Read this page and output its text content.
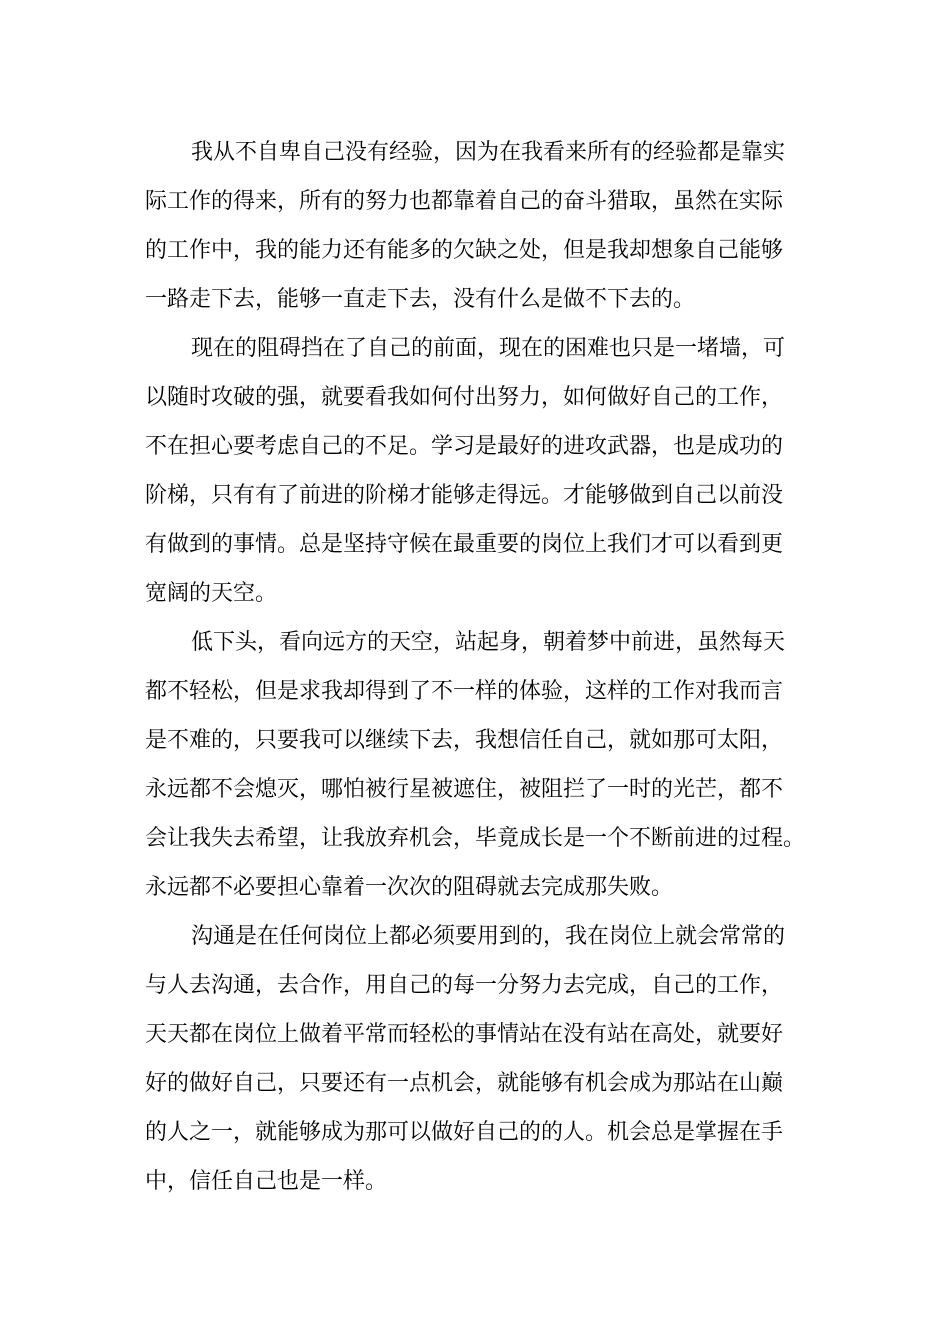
我从不自卑自己没有经验，因为在我看来所有的经验都是靠实
际工作的得来，所有的努力也都靠着自己的奋斗猎取，虽然在实际
的工作中，我的能力还有能多的欠缺之处，但是我却想象自己能够
一路走下去，能够一直走下去，没有什么是做不下去的。

现在的阻碍挡在了自己的前面，现在的困难也只是一堵墙，可
以随时攻破的强，就要看我如何付出努力，如何做好自己的工作，
不在担心要考虑自己的不足。学习是最好的进攻武器，也是成功的
阶梯，只有有了前进的阶梯才能够走得远。才能够做到自己以前没
有做到的事情。总是坚持守候在最重要的岗位上我们才可以看到更
宽阔的天空。

低下头，看向远方的天空，站起身，朝着梦中前进，虽然每天
都不轻松，但是求我却得到了不一样的体验，这样的工作对我而言
是不难的，只要我可以继续下去，我想信任自己，就如那可太阳，
永远都不会熄灭，哪怕被行星被遮住，被阻拦了一时的光芒，都不
会让我失去希望，让我放弃机会，毕竟成长是一个不断前进的过程。
永远都不必要担心靠着一次次的阻碍就去完成那失败。

沟通是在任何岗位上都必须要用到的，我在岗位上就会常常的
与人去沟通，去合作，用自己的每一分努力去完成，自己的工作，
天天都在岗位上做着平常而轻松的事情站在没有站在高处，就要好
好的做好自己，只要还有一点机会，就能够有机会成为那站在山巅
的人之一，就能够成为那可以做好自己的的人。机会总是掌握在手
中，信任自己也是一样。
